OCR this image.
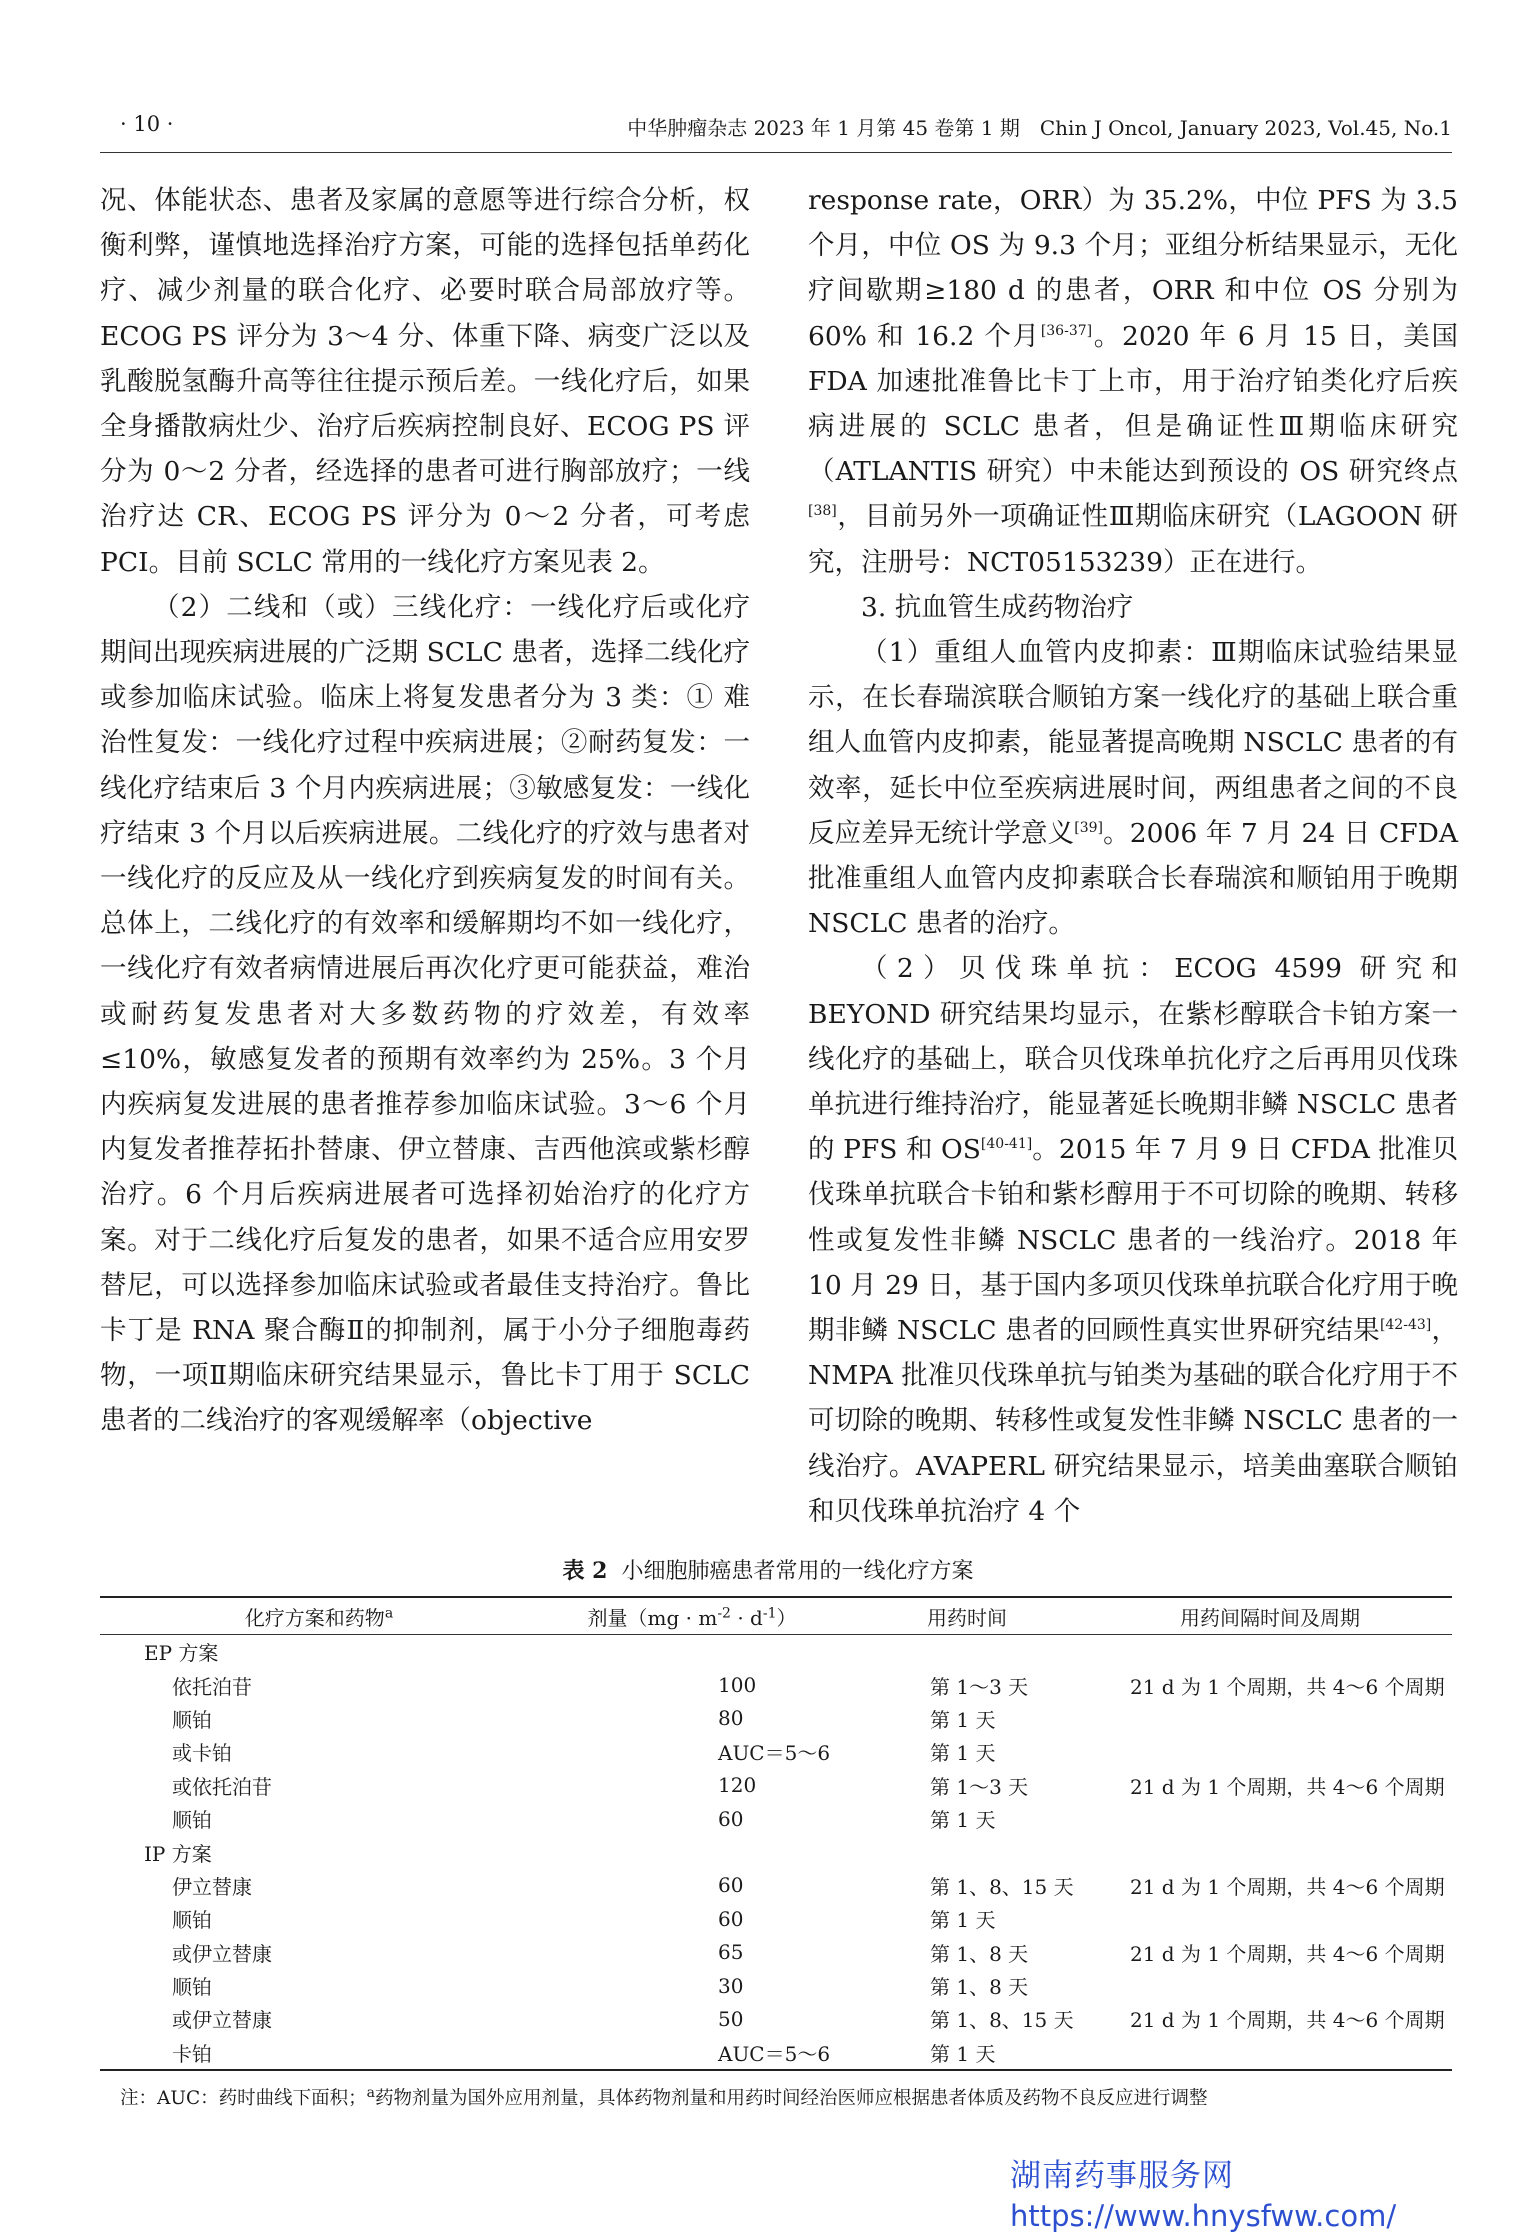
· 10 ·	中华肿瘤杂志 2023 年 1 月第 45 卷第 1 期　Chin J Oncol, January 2023, Vol.45, No.1

况、体能状态、患者及家属的意愿等进行综合分析，权衡利弊，谨慎地选择治疗方案，可能的选择包括单药化疗、减少剂量的联合化疗、必要时联合局部放疗等。ECOG PS 评分为 3～4 分、体重下降、病变广泛以及乳酸脱氢酶升高等往往提示预后差。一线化疗后，如果全身播散病灶少、治疗后疾病控制良好、ECOG PS 评分为 0～2 分者，经选择的患者可进行胸部放疗；一线治疗达 CR、ECOG PS 评分为 0～2 分者，可考虑 PCI。目前 SCLC 常用的一线化疗方案见表 2。

（2）二线和（或）三线化疗：一线化疗后或化疗期间出现疾病进展的广泛期 SCLC 患者，选择二线化疗或参加临床试验。临床上将复发患者分为 3 类：① 难治性复发：一线化疗过程中疾病进展；②耐药复发：一线化疗结束后 3 个月内疾病进展；③敏感复发：一线化疗结束 3 个月以后疾病进展。二线化疗的疗效与患者对一线化疗的反应及从一线化疗到疾病复发的时间有关。总体上，二线化疗的有效率和缓解期均不如一线化疗，一线化疗有效者病情进展后再次化疗更可能获益，难治或耐药复发患者对大多数药物的疗效差，有效率≤10%，敏感复发者的预期有效率约为 25%。3 个月内疾病复发进展的患者推荐参加临床试验。3～6 个月内复发者推荐拓扑替康、伊立替康、吉西他滨或紫杉醇治疗。6 个月后疾病进展者可选择初始治疗的化疗方案。对于二线化疗后复发的患者，如果不适合应用安罗替尼，可以选择参加临床试验或者最佳支持治疗。鲁比卡丁是 RNA 聚合酶Ⅱ的抑制剂，属于小分子细胞毒药物，一项Ⅱ期临床研究结果显示，鲁比卡丁用于 SCLC 患者的二线治疗的客观缓解率（objective

response rate，ORR）为 35.2%，中位 PFS 为 3.5 个月，中位 OS 为 9.3 个月；亚组分析结果显示，无化疗间歇期≥180 d 的患者，ORR 和中位 OS 分别为 60% 和 16.2 个月[36-37]。2020 年 6 月 15 日，美国 FDA 加速批准鲁比卡丁上市，用于治疗铂类化疗后疾病进展的 SCLC 患者，但是确证性Ⅲ期临床研究（ATLANTIS 研究）中未能达到预设的 OS 研究终点[38]，目前另外一项确证性Ⅲ期临床研究（LAGOON 研究，注册号：NCT05153239）正在进行。

3. 抗血管生成药物治疗

（1）重组人血管内皮抑素：Ⅲ期临床试验结果显示，在长春瑞滨联合顺铂方案一线化疗的基础上联合重组人血管内皮抑素，能显著提高晚期 NSCLC 患者的有效率，延长中位至疾病进展时间，两组患者之间的不良反应差异无统计学意义[39]。2006 年 7 月 24 日 CFDA 批准重组人血管内皮抑素联合长春瑞滨和顺铂用于晚期 NSCLC 患者的治疗。

（2）贝伐珠单抗：ECOG 4599 研究和 BEYOND 研究结果均显示，在紫杉醇联合卡铂方案一线化疗的基础上，联合贝伐珠单抗化疗之后再用贝伐珠单抗进行维持治疗，能显著延长晚期非鳞 NSCLC 患者的 PFS 和 OS[40-41]。2015 年 7 月 9 日 CFDA 批准贝伐珠单抗联合卡铂和紫杉醇用于不可切除的晚期、转移性或复发性非鳞 NSCLC 患者的一线治疗。2018 年 10 月 29 日，基于国内多项贝伐珠单抗联合化疗用于晚期非鳞 NSCLC 患者的回顾性真实世界研究结果[42-43]，NMPA 批准贝伐珠单抗与铂类为基础的联合化疗用于不可切除的晚期、转移性或复发性非鳞 NSCLC 患者的一线治疗。AVAPERL 研究结果显示，培美曲塞联合顺铂和贝伐珠单抗治疗 4 个

表 2 小细胞肺癌患者常用的一线化疗方案
化疗方案和药物$^a$	剂量$(mg \cdot m^{-2} \cdot d^{-1})$	用药时间	用药间隔时间及周期
EP 方案			
依托泊苷	100	第 1～3 天	21 d 为 1 个周期，共 4～6 个周期
顺铂	80	第 1 天	
或卡铂	AUC＝5～6	第 1 天	
或依托泊苷	120	第 1～3 天	21 d 为 1 个周期，共 4～6 个周期
顺铂	60	第 1 天	
IP 方案			
伊立替康	60	第 1、8、15 天	21 d 为 1 个周期，共 4～6 个周期
顺铂	60	第 1 天	
或伊立替康	65	第 1、8 天	21 d 为 1 个周期，共 4～6 个周期
顺铂	30	第 1、8 天	
或伊立替康	50	第 1、8、15 天	21 d 为 1 个周期，共 4～6 个周期
卡铂	AUC＝5～6	第 1 天	
注：AUC：药时曲线下面积；$^a$药物剂量为国外应用剂量，具体药物剂量和用药时间经治医师应根据患者体质及药物不良反应进行调整
湖南药事服务网
https://www.hnysfww.com/
